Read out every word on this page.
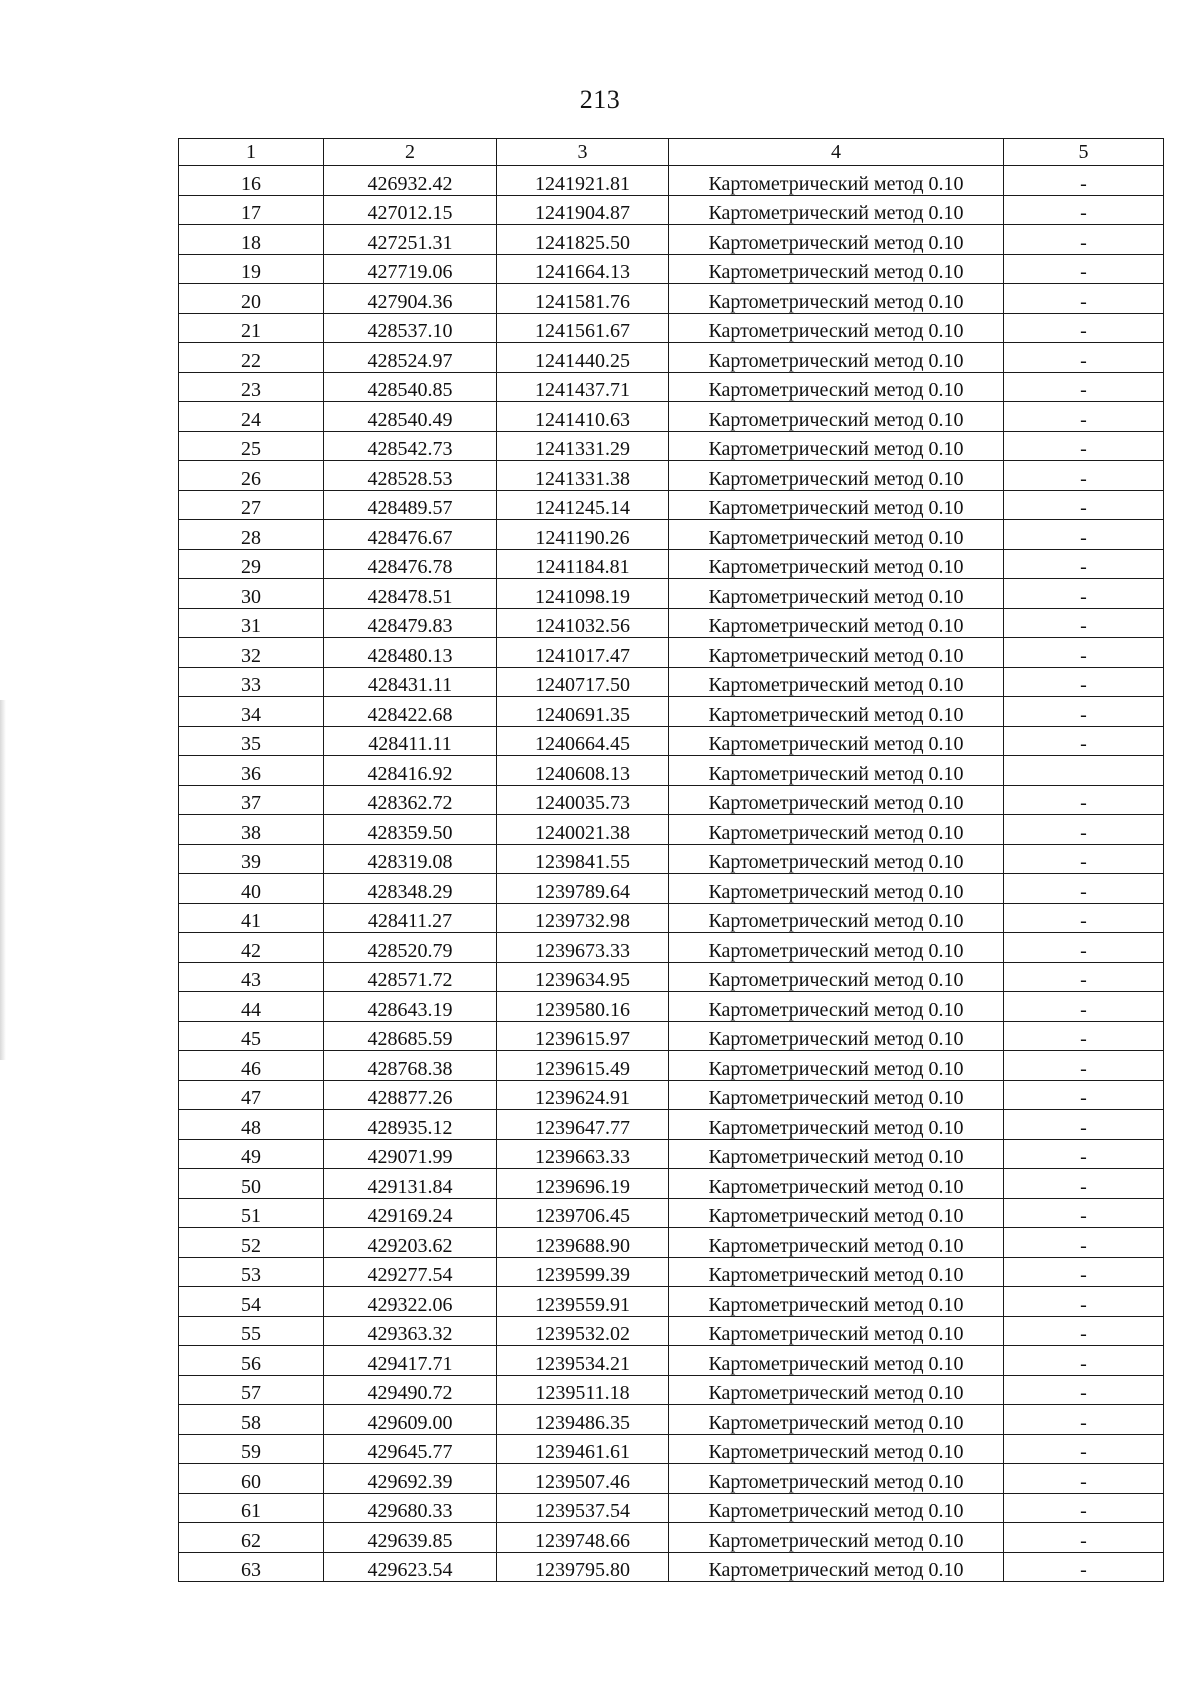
213
1	2	3	4	5
16	426932.42	1241921.81	Картометрический метод 0.10	-
17	427012.15	1241904.87	Картометрический метод 0.10	-
18	427251.31	1241825.50	Картометрический метод 0.10	-
19	427719.06	1241664.13	Картометрический метод 0.10	-
20	427904.36	1241581.76	Картометрический метод 0.10	-
21	428537.10	1241561.67	Картометрический метод 0.10	-
22	428524.97	1241440.25	Картометрический метод 0.10	-
23	428540.85	1241437.71	Картометрический метод 0.10	-
24	428540.49	1241410.63	Картометрический метод 0.10	-
25	428542.73	1241331.29	Картометрический метод 0.10	-
26	428528.53	1241331.38	Картометрический метод 0.10	-
27	428489.57	1241245.14	Картометрический метод 0.10	-
28	428476.67	1241190.26	Картометрический метод 0.10	-
29	428476.78	1241184.81	Картометрический метод 0.10	-
30	428478.51	1241098.19	Картометрический метод 0.10	-
31	428479.83	1241032.56	Картометрический метод 0.10	-
32	428480.13	1241017.47	Картометрический метод 0.10	-
33	428431.11	1240717.50	Картометрический метод 0.10	-
34	428422.68	1240691.35	Картометрический метод 0.10	-
35	428411.11	1240664.45	Картометрический метод 0.10	-
36	428416.92	1240608.13	Картометрический метод 0.10	
37	428362.72	1240035.73	Картометрический метод 0.10	-
38	428359.50	1240021.38	Картометрический метод 0.10	-
39	428319.08	1239841.55	Картометрический метод 0.10	-
40	428348.29	1239789.64	Картометрический метод 0.10	-
41	428411.27	1239732.98	Картометрический метод 0.10	-
42	428520.79	1239673.33	Картометрический метод 0.10	-
43	428571.72	1239634.95	Картометрический метод 0.10	-
44	428643.19	1239580.16	Картометрический метод 0.10	-
45	428685.59	1239615.97	Картометрический метод 0.10	-
46	428768.38	1239615.49	Картометрический метод 0.10	-
47	428877.26	1239624.91	Картометрический метод 0.10	-
48	428935.12	1239647.77	Картометрический метод 0.10	-
49	429071.99	1239663.33	Картометрический метод 0.10	-
50	429131.84	1239696.19	Картометрический метод 0.10	-
51	429169.24	1239706.45	Картометрический метод 0.10	-
52	429203.62	1239688.90	Картометрический метод 0.10	-
53	429277.54	1239599.39	Картометрический метод 0.10	-
54	429322.06	1239559.91	Картометрический метод 0.10	-
55	429363.32	1239532.02	Картометрический метод 0.10	-
56	429417.71	1239534.21	Картометрический метод 0.10	-
57	429490.72	1239511.18	Картометрический метод 0.10	-
58	429609.00	1239486.35	Картометрический метод 0.10	-
59	429645.77	1239461.61	Картометрический метод 0.10	-
60	429692.39	1239507.46	Картометрический метод 0.10	-
61	429680.33	1239537.54	Картометрический метод 0.10	-
62	429639.85	1239748.66	Картометрический метод 0.10	-
63	429623.54	1239795.80	Картометрический метод 0.10	-
